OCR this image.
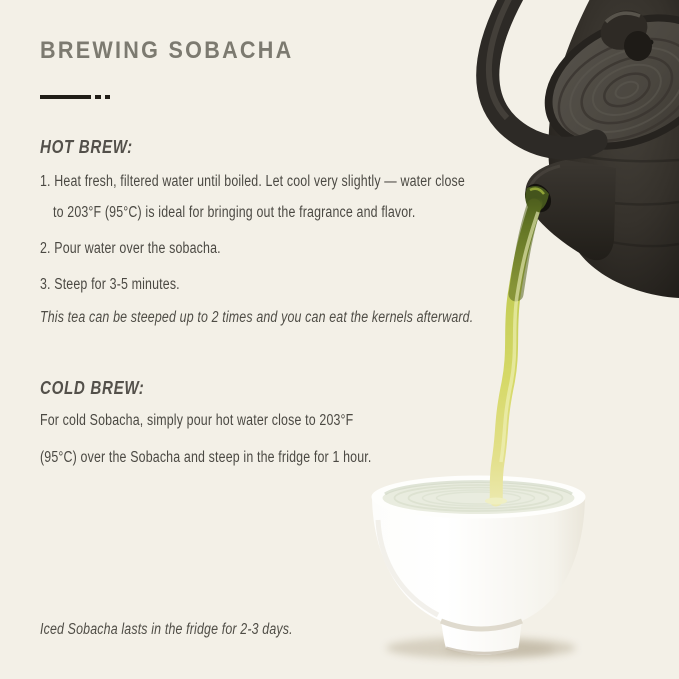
BREWING SOBACHA
HOT BREW:
1. Heat fresh, filtered water until boiled. Let cool very slightly — water close
to 203°F (95°C) is ideal for bringing out the fragrance and flavor.
2. Pour water over the sobacha.
3. Steep for 3-5 minutes.
This tea can be steeped up to 2 times and you can eat the kernels afterward.
COLD BREW:
For cold Sobacha, simply pour hot water close to 203°F
(95°C) over the Sobacha and steep in the fridge for 1 hour.
Iced Sobacha lasts in the fridge for 2-3 days.
